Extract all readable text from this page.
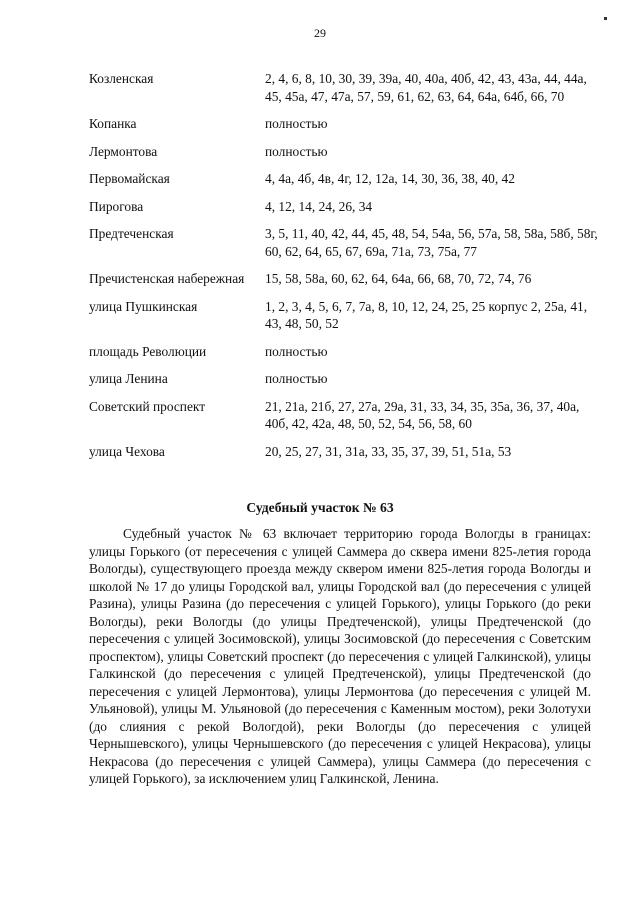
29
Козленская	2, 4, 6, 8, 10, 30, 39, 39а, 40, 40а, 40б, 42, 43, 43а, 44, 44а, 45, 45а, 47, 47а, 57, 59, 61, 62, 63, 64, 64а, 64б, 66, 70
Копанка	полностью
Лермонтова	полностью
Первомайская	4, 4а, 4б, 4в, 4г, 12, 12а, 14, 30, 36, 38, 40, 42
Пирогова	4, 12, 14, 24, 26, 34
Предтеченская	3, 5, 11, 40, 42, 44, 45, 48, 54, 54а, 56, 57а, 58, 58а, 58б, 58г, 60, 62, 64, 65, 67, 69а, 71а, 73, 75а, 77
Пречистенская набережная	15, 58, 58а, 60, 62, 64, 64а, 66, 68, 70, 72, 74, 76
улица Пушкинская	1, 2, 3, 4, 5, 6, 7, 7а, 8, 10, 12, 24, 25, 25 корпус 2, 25а, 41, 43, 48, 50, 52
площадь Революции	полностью
улица Ленина	полностью
Советский проспект	21, 21а, 21б, 27, 27а, 29а, 31, 33, 34, 35, 35а, 36, 37, 40а, 40б, 42, 42а, 48, 50, 52, 54, 56, 58, 60
улица Чехова	20, 25, 27, 31, 31а, 33, 35, 37, 39, 51, 51а, 53
Судебный участок № 63

Судебный участок № 63 включает территорию города Вологды в границах: улицы Горького (от пересечения с улицей Саммера до сквера имени 825-летия города Вологды), существующего проезда между сквером имени 825-летия города Вологды и школой № 17 до улицы Городской вал, улицы Городской вал (до пересечения с улицей Разина), улицы Разина (до пересечения с улицей Горького), улицы Горького (до реки Вологды), реки Вологды (до улицы Предтеченской), улицы Предтеченской (до пересечения с улицей Зосимовской), улицы Зосимовской (до пересечения с Советским проспектом), улицы Советский проспект (до пересечения с улицей Галкинской), улицы Галкинской (до пересечения с улицей Предтеченской), улицы Предтеченской (до пересечения с улицей Лермонтова), улицы Лермонтова (до пересечения с улицей М. Ульяновой), улицы М. Ульяновой (до пересечения с Каменным мостом), реки Золотухи (до слияния с рекой Вологдой), реки Вологды (до пересечения с улицей Чернышевского), улицы Чернышевского (до пересечения с улицей Некрасова), улицы Некрасова (до пересечения с улицей Саммера), улицы Саммера (до пересечения с улицей Горького), за исключением улиц Галкинской, Ленина.
